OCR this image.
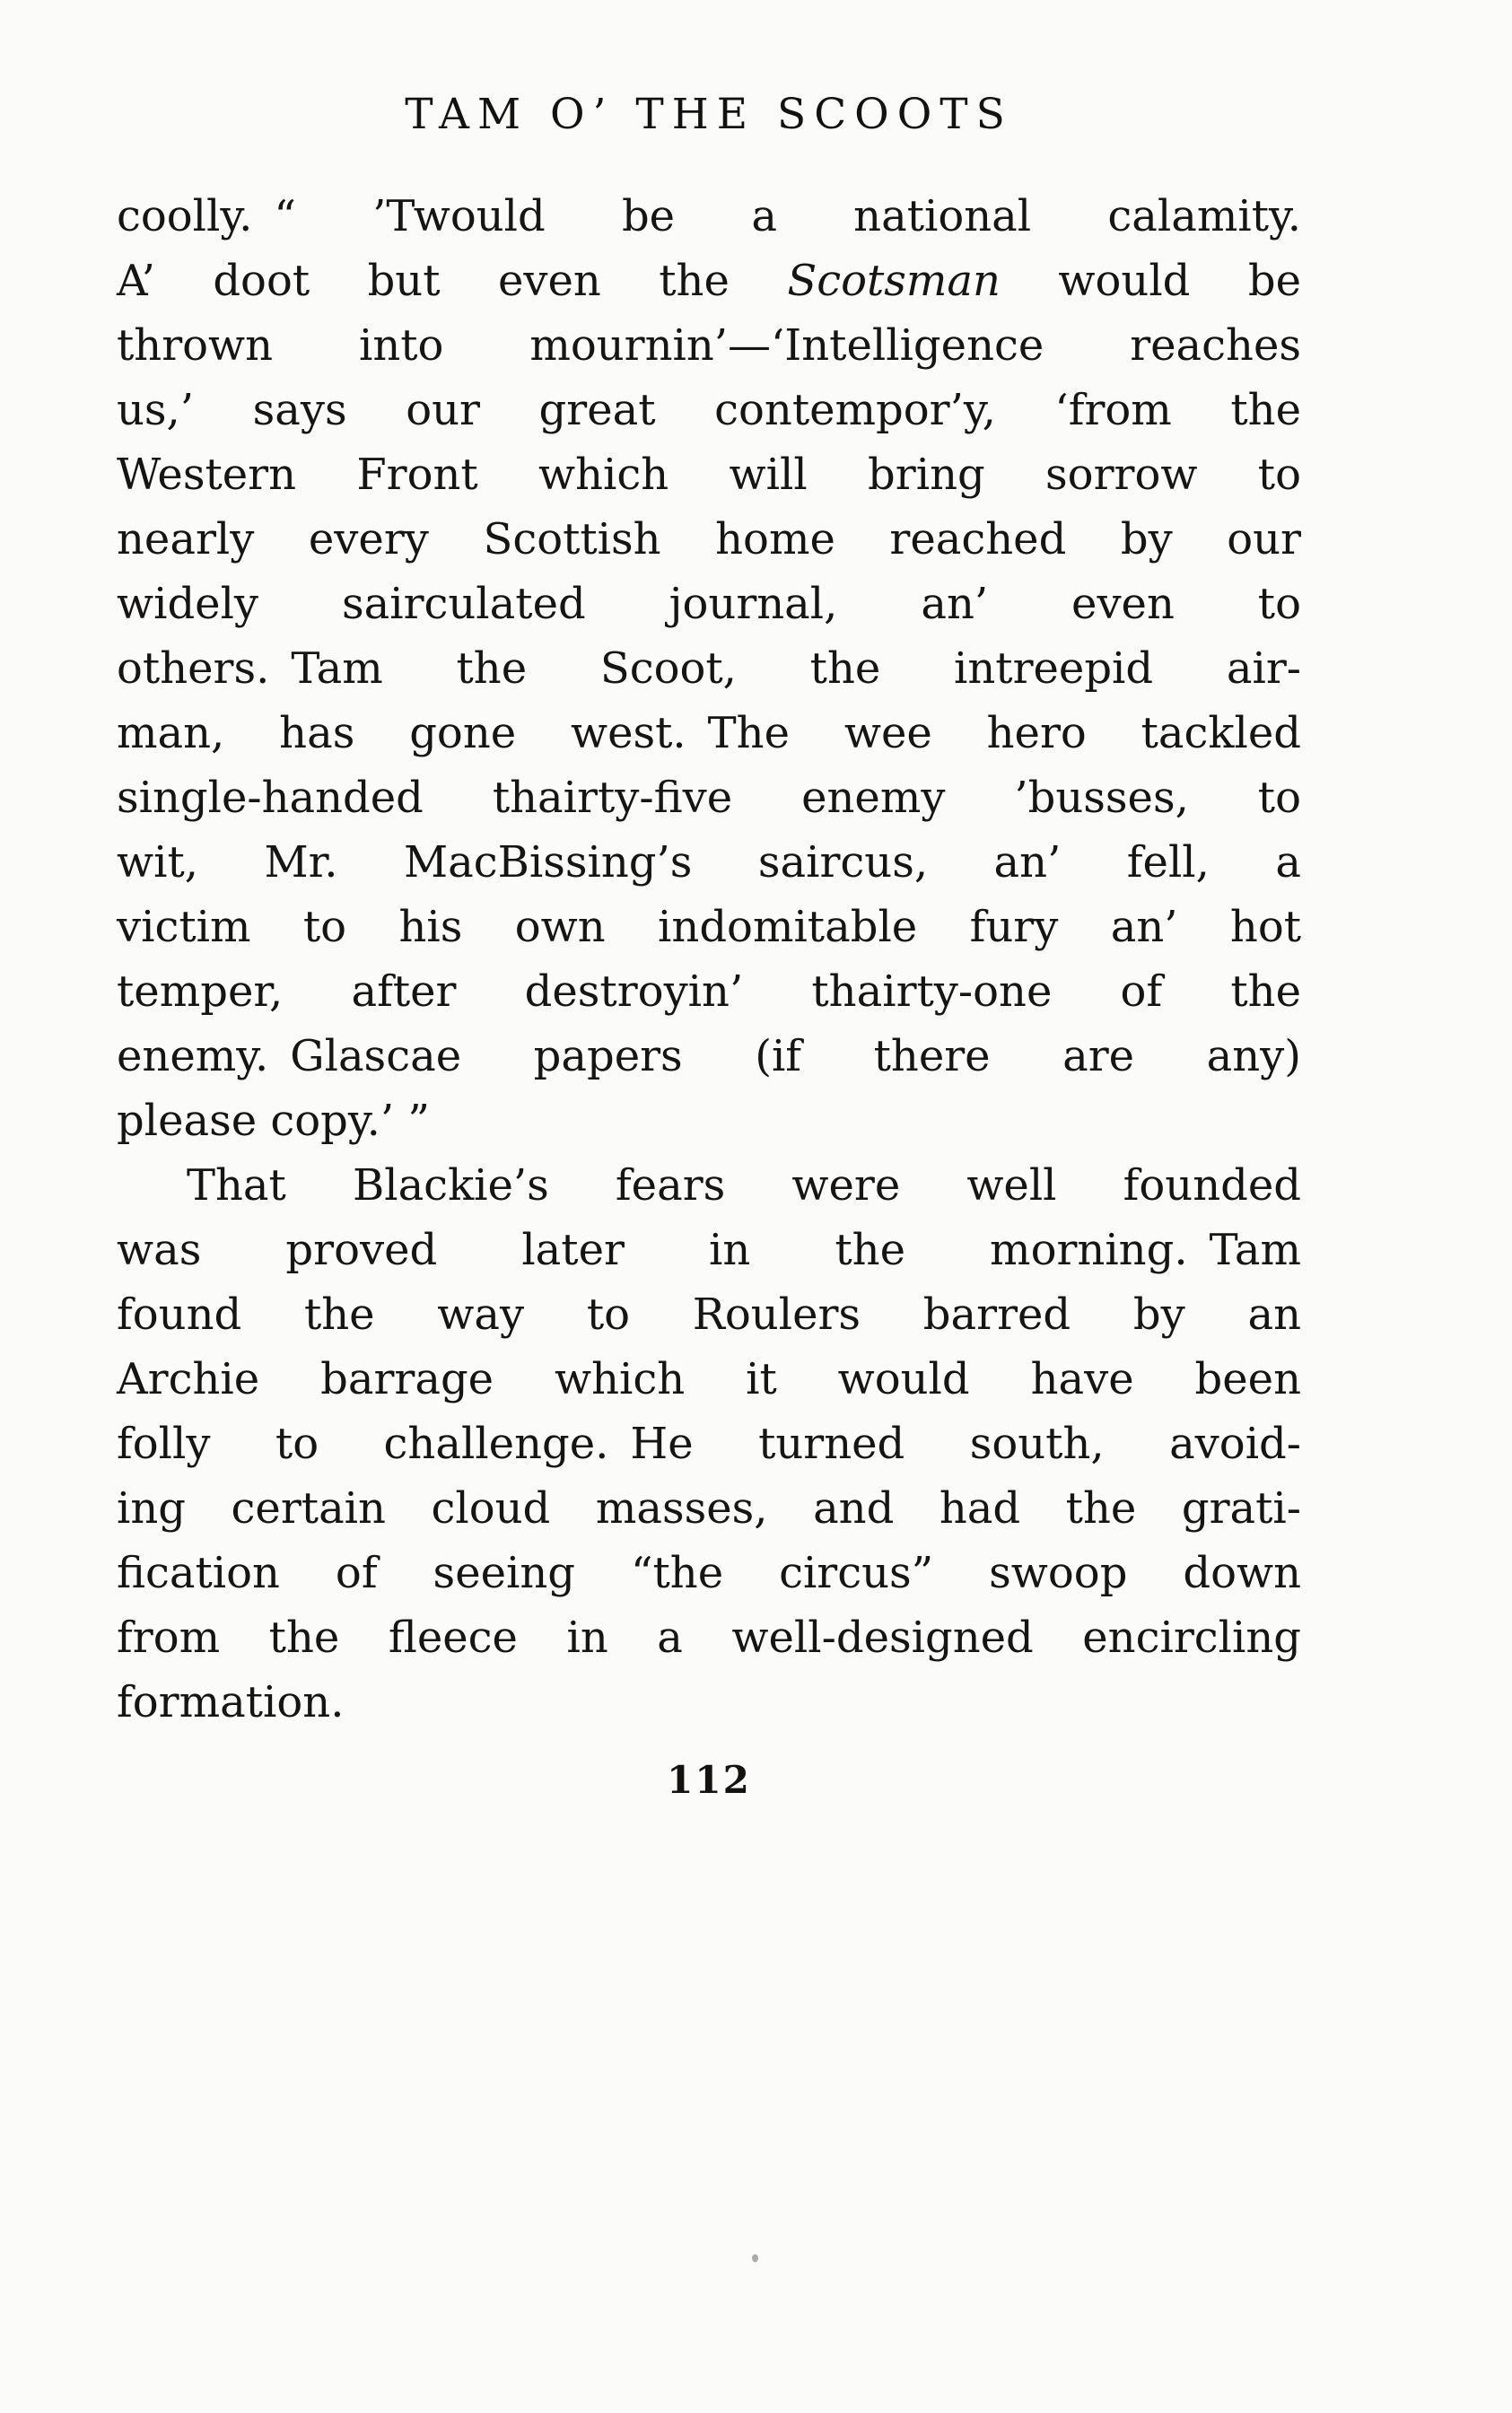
TAM O’ THE SCOOTS
coolly. “ ’Twould be a national calamity.
A’ doot but even the Scotsman would be
thrown into mournin’—‘Intelligence reaches
us,’ says our great contempor’y, ‘from the
Western Front which will bring sorrow to
nearly every Scottish home reached by our
widely sairculated journal, an’ even to
others. Tam the Scoot, the intreepid air-
man, has gone west. The wee hero tackled
single-handed thairty-five enemy ’busses, to
wit, Mr. MacBissing’s saircus, an’ fell, a
victim to his own indomitable fury an’ hot
temper, after destroyin’ thairty-one of the
enemy. Glascae papers (if there are any)
please copy.’ ”
That Blackie’s fears were well founded
was proved later in the morning. Tam
found the way to Roulers barred by an
Archie barrage which it would have been
folly to challenge. He turned south, avoid-
ing certain cloud masses, and had the grati-
fication of seeing “the circus” swoop down
from the fleece in a well-designed encircling
formation.
112
